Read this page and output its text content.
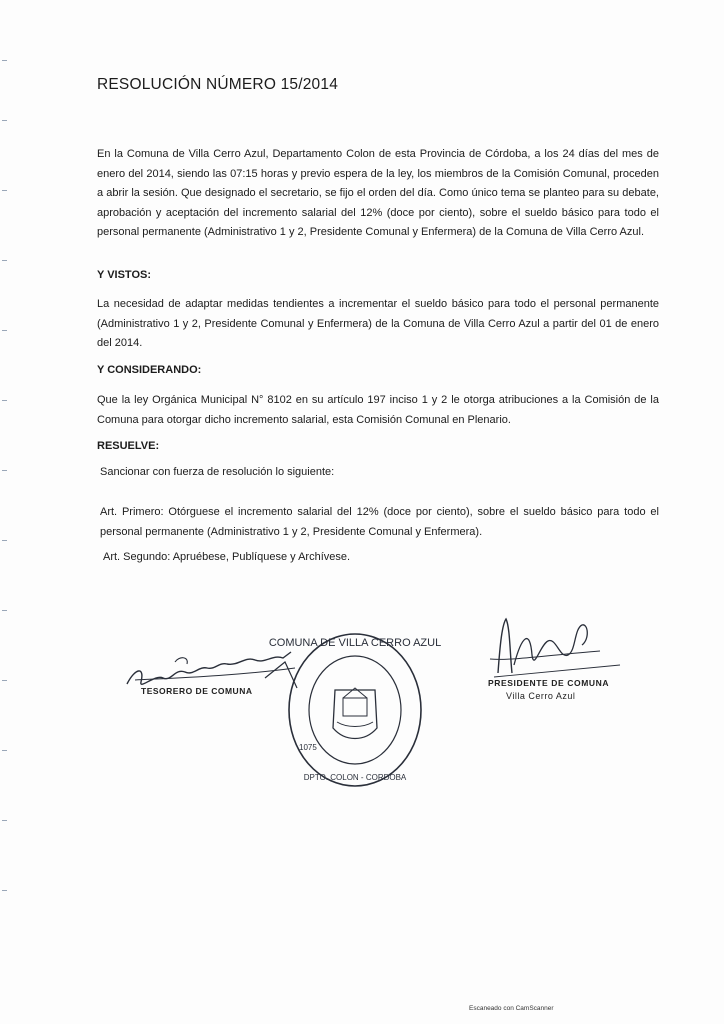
RESOLUCIÓN NÚMERO 15/2014
En la Comuna de Villa Cerro Azul, Departamento Colon de esta Provincia de Córdoba, a los 24 días del mes de enero del 2014, siendo las 07:15 horas y previo espera de la ley, los miembros de la Comisión Comunal, proceden a abrir la sesión. Que designado el secretario, se fijo el orden del día. Como único tema se planteo para su debate, aprobación y aceptación del incremento salarial del 12% (doce por ciento), sobre el sueldo básico para todo el personal permanente (Administrativo 1 y 2, Presidente Comunal y Enfermera) de la Comuna de Villa Cerro Azul.
Y VISTOS:
La necesidad de adaptar medidas tendientes a incrementar el sueldo básico para todo el personal permanente (Administrativo 1 y 2, Presidente Comunal y Enfermera) de la Comuna de Villa Cerro Azul a partir del 01 de enero del 2014.
Y CONSIDERANDO:
Que la ley Orgánica Municipal N° 8102 en su artículo 197 inciso 1 y 2 le otorga atribuciones a la Comisión de la Comuna para otorgar dicho incremento salarial, esta Comisión Comunal en Plenario.
RESUELVE:
Sancionar con fuerza de resolución lo siguiente:
Art. Primero: Otórguese el incremento salarial del 12% (doce por ciento), sobre el sueldo básico para todo el personal permanente (Administrativo 1 y 2, Presidente Comunal y Enfermera).
Art. Segundo: Apruébese, Publíquese y Archívese.
TESORERO DE COMUNA
COMUNA DE VILLA CERRO AZUL
DPTO. COLON - CORDOBA
1075
PRESIDENTE DE COMUNA
Villa Cerro Azul
Escaneado con CamScanner
